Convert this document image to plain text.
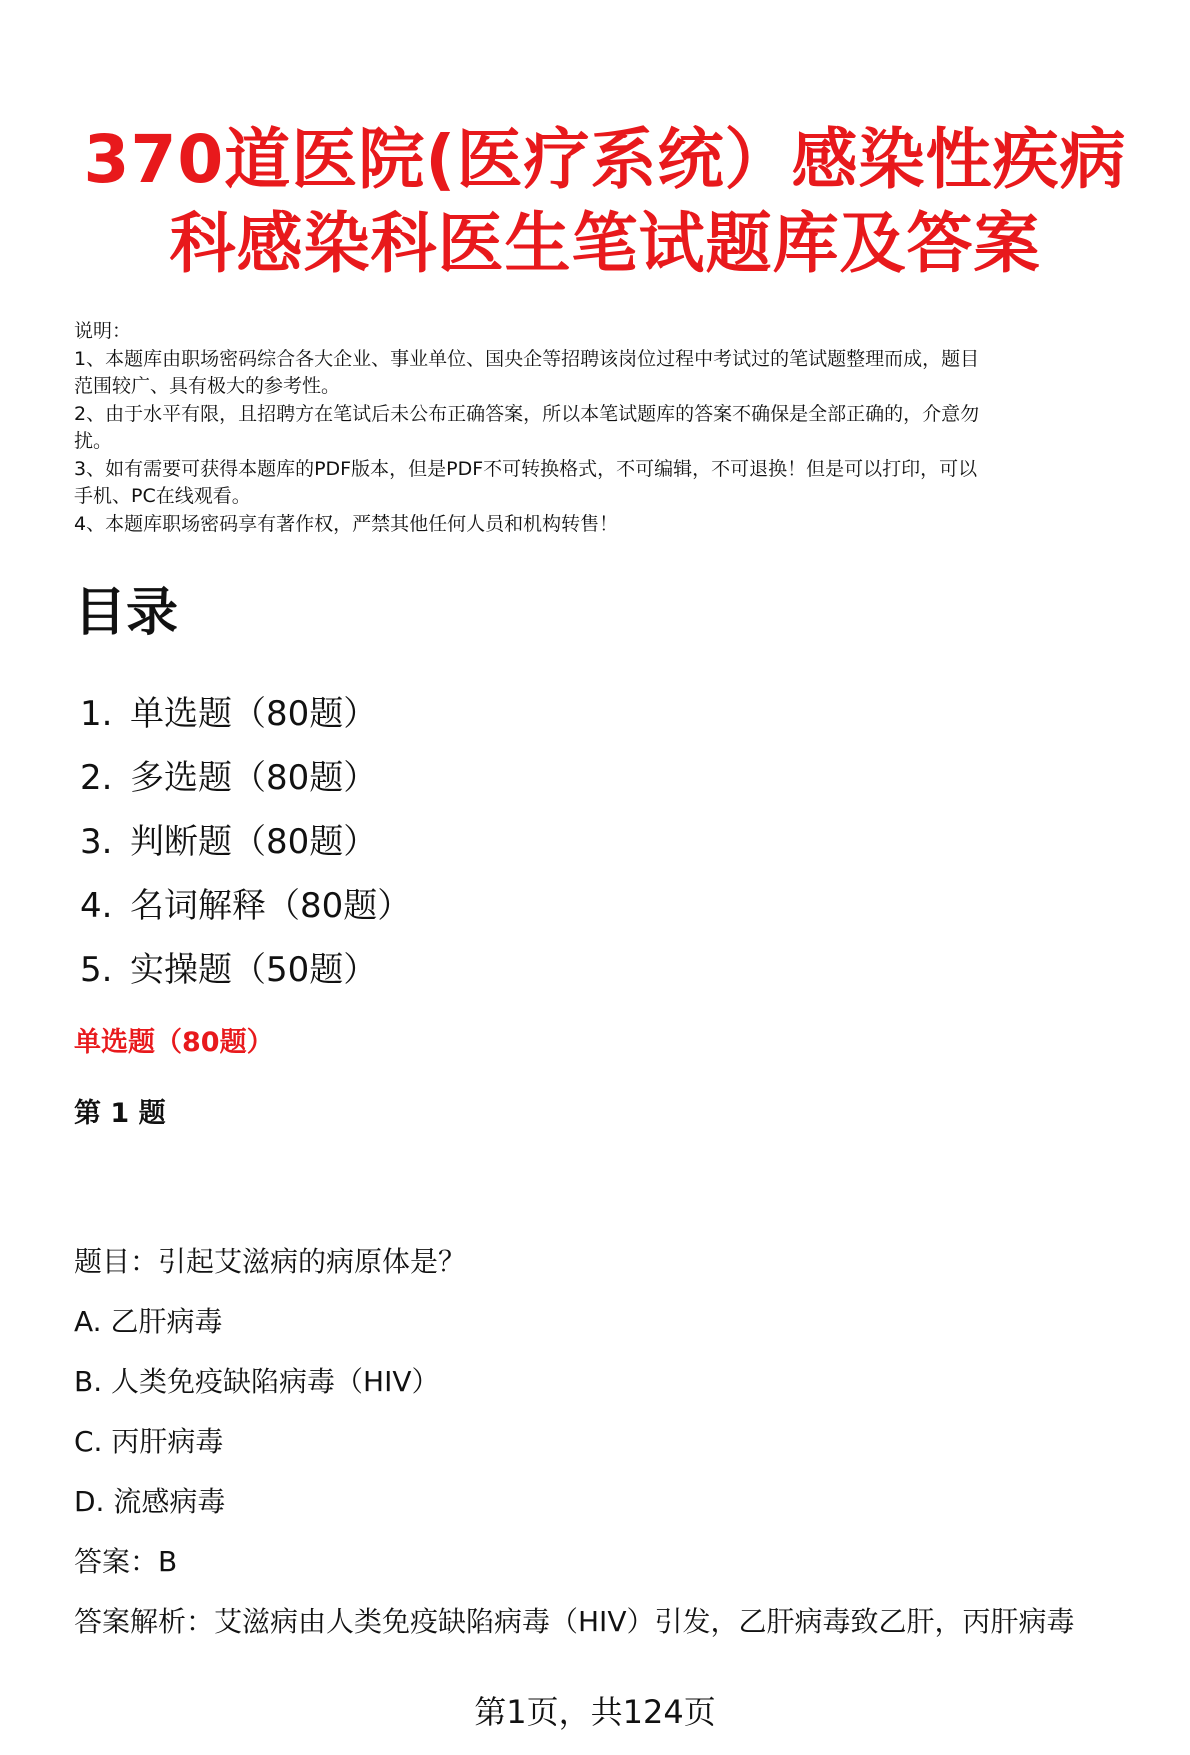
370道医院(医疗系统）感染性疾病
科感染科医生笔试题库及答案
说明：
1、本题库由职场密码综合各大企业、事业单位、国央企等招聘该岗位过程中考试过的笔试题整理而成，题目
范围较广、具有极大的参考性。
2、由于水平有限，且招聘方在笔试后未公布正确答案，所以本笔试题库的答案不确保是全部正确的，介意勿
扰。
3、如有需要可获得本题库的PDF版本，但是PDF不可转换格式，不可编辑，不可退换！但是可以打印，可以
手机、PC在线观看。
4、本题库职场密码享有著作权，严禁其他任何人员和机构转售！
目录
1. 单选题（80题）
2. 多选题（80题）
3. 判断题（80题）
4. 名词解释（80题）
5. 实操题（50题）
单选题（80题）
第 1 题
题目：引起艾滋病的病原体是？
A. 乙肝病毒
B. 人类免疫缺陷病毒（HIV）
C. 丙肝病毒
D. 流感病毒
答案：B
答案解析：艾滋病由人类免疫缺陷病毒（HIV）引发，乙肝病毒致乙肝，丙肝病毒
第1页，共124页
